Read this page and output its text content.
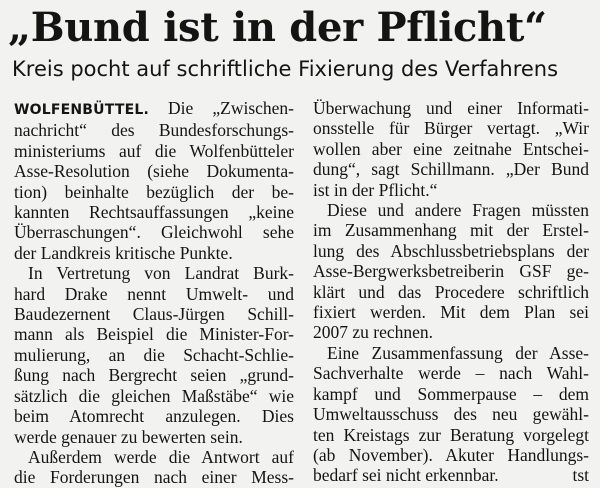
„Bund ist in der Pflicht“
Kreis pocht auf schriftliche Fixierung des Verfahrens
WOLFENBÜTTEL. Die „Zwischen-
nachricht“ des Bundesforschungs-
ministeriums auf die Wolfenbütteler
Asse-Resolution (siehe Dokumenta-
tion) beinhalte bezüglich der be-
kannten Rechtsauffassungen „keine
Überraschungen“. Gleichwohl sehe
der Landkreis kritische Punkte.
In Vertretung von Landrat Burk-
hard Drake nennt Umwelt- und
Baudezernent Claus-Jürgen Schill-
mann als Beispiel die Minister-For-
mulierung, an die Schacht-Schlie-
ßung nach Bergrecht seien „grund-
sätzlich die gleichen Maßstäbe“ wie
beim Atomrecht anzulegen. Dies
werde genauer zu bewerten sein.
Außerdem werde die Antwort auf
die Forderungen nach einer Mess-
Überwachung und einer Informati-
onsstelle für Bürger vertagt. „Wir
wollen aber eine zeitnahe Entschei-
dung“, sagt Schillmann. „Der Bund
ist in der Pflicht.“
Diese und andere Fragen müssten
im Zusammenhang mit der Erstel-
lung des Abschlussbetriebsplans der
Asse-Bergwerksbetreiberin GSF ge-
klärt und das Procedere schriftlich
fixiert werden. Mit dem Plan sei
2007 zu rechnen.
Eine Zusammenfassung der Asse-
Sachverhalte werde – nach Wahl-
kampf und Sommerpause – dem
Umweltausschuss des neu gewähl-
ten Kreistags zur Beratung vorgelegt
(ab November). Akuter Handlungs-
bedarf sei nicht erkennbar.	tst
